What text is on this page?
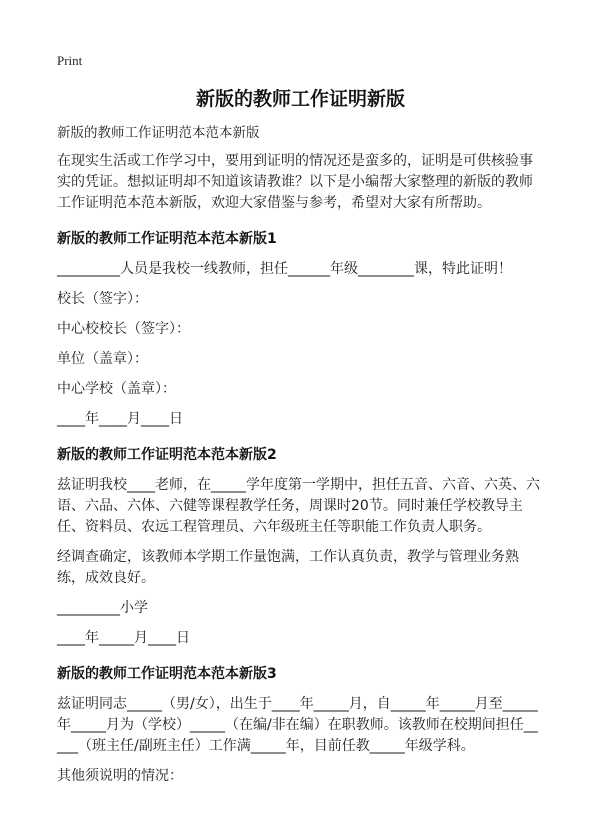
Print
新版的教师工作证明新版

新版的教师工作证明范本范本新版

在现实生活或工作学习中，要用到证明的情况还是蛮多的，证明是可供核验事实的凭证。想拟证明却不知道该请教谁？以下是小编帮大家整理的新版的教师工作证明范本范本新版，欢迎大家借鉴与参考，希望对大家有所帮助。

新版的教师工作证明范本范本新版1

_________人员是我校一线教师，担任______年级________课，特此证明！

校长（签字）：

中心校校长（签字）：

单位（盖章）：

中心学校（盖章）：

____年____月____日

新版的教师工作证明范本范本新版2

兹证明我校____老师，在_____学年度第一学期中，担任五音、六音、六英、六语、六品、六体、六健等课程教学任务，周课时20节。同时兼任学校教导主任、资料员、农远工程管理员、六年级班主任等职能工作负责人职务。

经调查确定，该教师本学期工作量饱满，工作认真负责，教学与管理业务熟练，成效良好。

_________小学

____年_____月____日

新版的教师工作证明范本范本新版3

兹证明同志_____（男/女），出生于____年_____月，自_____年_____月至_____年_____月为（学校）_____（在编/非在编）在职教师。该教师在校期间担任_____（班主任/副班主任）工作满_____年，目前任教_____年级学科。

其他须说明的情况：
